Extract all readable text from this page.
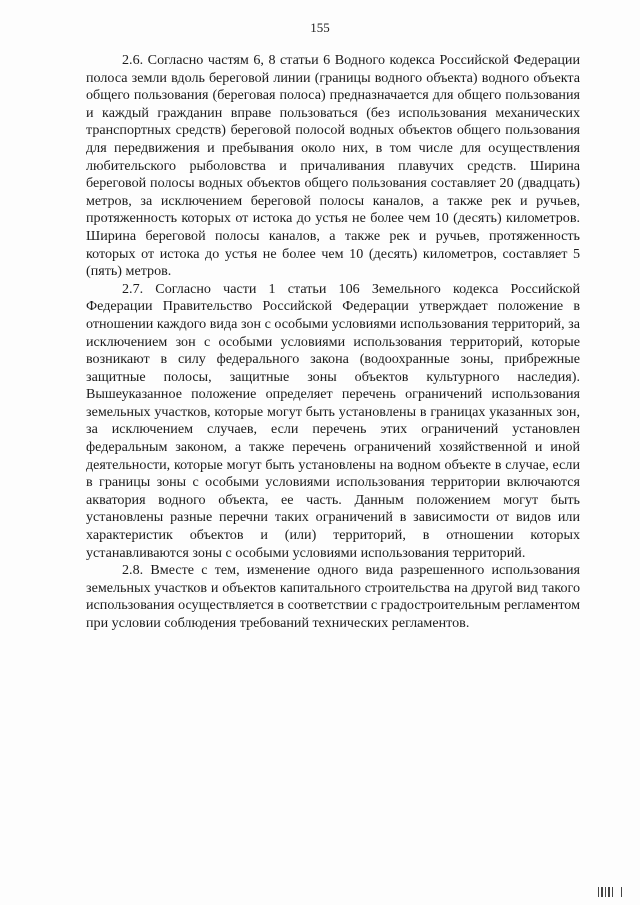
155

2.6. Согласно частям 6, 8 статьи 6 Водного кодекса Российской Федерации полоса земли вдоль береговой линии (границы водного объекта) водного объекта общего пользования (береговая полоса) предназначается для общего пользования и каждый гражданин вправе пользоваться (без использования механических транспортных средств) береговой полосой водных объектов общего пользования для передвижения и пребывания около них, в том числе для осуществления любительского рыболовства и причаливания плавучих средств. Ширина береговой полосы водных объектов общего пользования составляет 20 (двадцать) метров, за исключением береговой полосы каналов, а также рек и ручьев, протяженность которых от истока до устья не более чем 10 (десять) километров. Ширина береговой полосы каналов, а также рек и ручьев, протяженность которых от истока до устья не более чем 10 (десять) километров, составляет 5 (пять) метров.

2.7. Согласно части 1 статьи 106 Земельного кодекса Российской Федерации Правительство Российской Федерации утверждает положение в отношении каждого вида зон с особыми условиями использования территорий, за исключением зон с особыми условиями использования территорий, которые возникают в силу федерального закона (водоохранные зоны, прибрежные защитные полосы, защитные зоны объектов культурного наследия). Вышеуказанное положение определяет перечень ограничений использования земельных участков, которые могут быть установлены в границах указанных зон, за исключением случаев, если перечень этих ограничений установлен федеральным законом, а также перечень ограничений хозяйственной и иной деятельности, которые могут быть установлены на водном объекте в случае, если в границы зоны с особыми условиями использования территории включаются акватория водного объекта, ее часть. Данным положением могут быть установлены разные перечни таких ограничений в зависимости от видов или характеристик объектов и (или) территорий, в отношении которых устанавливаются зоны с особыми условиями использования территорий.

2.8. Вместе с тем, изменение одного вида разрешенного использования земельных участков и объектов капитального строительства на другой вид такого использования осуществляется в соответствии с градостроительным регламентом при условии соблюдения требований технических регламентов.
